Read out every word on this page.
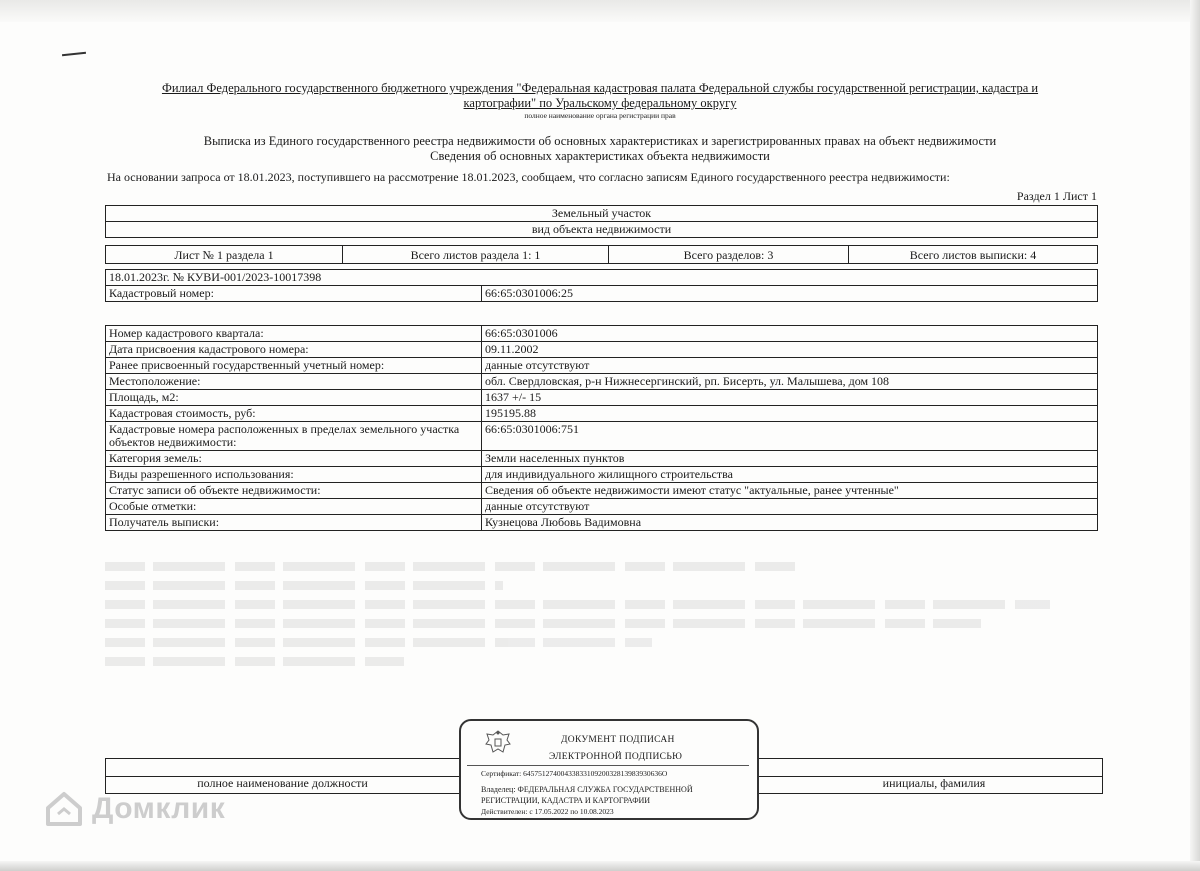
Филиал Федерального государственного бюджетного учреждения "Федеральная кадастровая палата Федеральной службы государственной регистрации, кадастра и
картографии" по Уральскому федеральному округу
полное наименование органа регистрации прав
Выписка из Единого государственного реестра недвижимости об основных характеристиках и зарегистрированных правах на объект недвижимости
Сведения об основных характеристиках объекта недвижимости
На основании запроса от 18.01.2023, поступившего на рассмотрение 18.01.2023, сообщаем, что согласно записям Единого государственного реестра недвижимости:
Раздел 1 Лист 1
Земельный участок
вид объекта недвижимости
Лист № 1 раздела 1	Всего листов раздела 1: 1	Всего разделов: 3	Всего листов выписки: 4
18.01.2023г. № КУВИ-001/2023-10017398
Кадастровый номер:	66:65:0301006:25
Номер кадастрового квартала:	66:65:0301006
Дата присвоения кадастрового номера:	09.11.2002
Ранее присвоенный государственный учетный номер:	данные отсутствуют
Местоположение:	обл. Свердловская, р-н Нижнесергинский, рп. Бисерть, ул. Малышева, дом 108
Площадь, м2:	1637 +/- 15
Кадастровая стоимость, руб:	195195.88
Кадастровые номера расположенных в пределах земельного участка объектов недвижимости:
66:65:0301006:751
Категория земель:	Земли населенных пунктов
Виды разрешенного использования:	для индивидуального жилищного строительства
Статус записи об объекте недвижимости:	Сведения об объекте недвижимости имеют статус "актуальные, ранее учтенные"
Особые отметки:	данные отсутствуют
Получатель выписки:	Кузнецова Любовь Вадимовна
полное наименование должности	инициалы, фамилия
ДОКУМЕНТ ПОДПИСАН
ЭЛЕКТРОННОЙ ПОДПИСЬЮ
Сертификат: 6457512740043383310920032813983930636O
Владелец: ФЕДЕРАЛЬНАЯ СЛУЖБА ГОСУДАРСТВЕННОЙ РЕГИСТРАЦИИ, КАДАСТРА И КАРТОГРАФИИ
Действителен: с 17.05.2022 по 10.08.2023
Домклик
